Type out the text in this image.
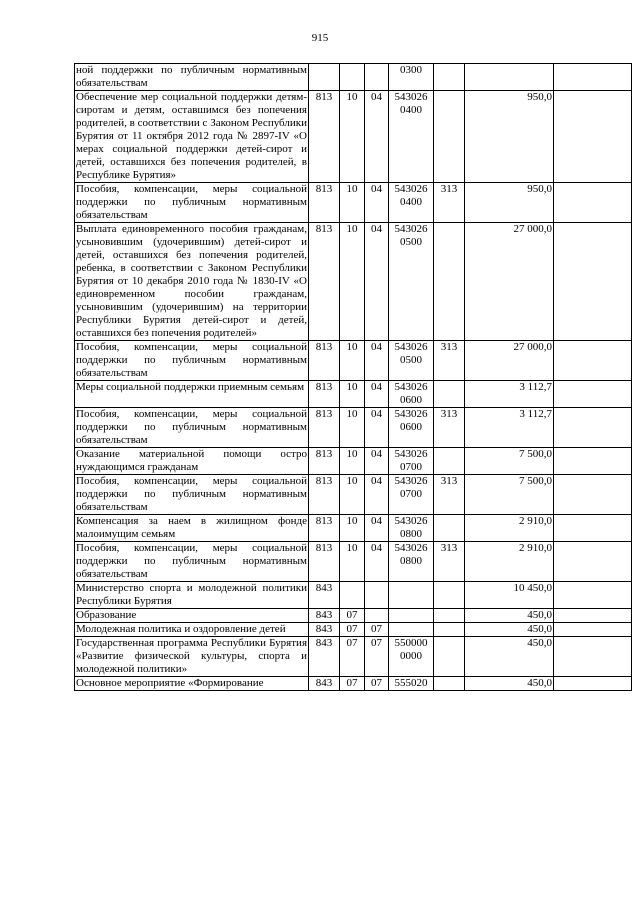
915
ной поддержки по публичным нормативным обязательствам				0300			
Обеспечение мер социальной поддержки детям-сиротам и детям, оставшимся без попечения родителей, в соответствии с Законом Республики Бурятия от 11 октября 2012 года № 2897-IV «О мерах социальной поддержки детей-сирот и детей, оставшихся без попечения родителей, в Республике Бурятия»	813	10	04	543026 0400		950,0	
Пособия, компенсации, меры социальной поддержки по публичным нормативным обязательствам	813	10	04	543026 0400	313	950,0	
Выплата единовременного пособия гражданам, усыновившим (удочерившим) детей-сирот и детей, оставшихся без попечения родителей, ребенка, в соответствии с Законом Республики Бурятия от 10 декабря 2010 года № 1830-IV «О единовременном пособии гражданам, усыновившим (удочерившим) на территории Республики Бурятия детей-сирот и детей, оставшихся без попечения родителей»	813	10	04	543026 0500		27 000,0	
Пособия, компенсации, меры социальной поддержки по публичным нормативным обязательствам	813	10	04	543026 0500	313	27 000,0	
Меры социальной поддержки приемным семьям	813	10	04	543026 0600		3 112,7	
Пособия, компенсации, меры социальной поддержки по публичным нормативным обязательствам	813	10	04	543026 0600	313	3 112,7	
Оказание материальной помощи остро нуждающимся гражданам	813	10	04	543026 0700		7 500,0	
Пособия, компенсации, меры социальной поддержки по публичным нормативным обязательствам	813	10	04	543026 0700	313	7 500,0	
Компенсация за наем в жилищном фонде малоимущим семьям	813	10	04	543026 0800		2 910,0	
Пособия, компенсации, меры социальной поддержки по публичным нормативным обязательствам	813	10	04	543026 0800	313	2 910,0	
Министерство спорта и молодежной политики Республики Бурятия	843					10 450,0	
Образование	843	07				450,0	
Молодежная политика и оздоровление детей	843	07	07			450,0	
Государственная программа Республики Бурятия «Развитие физической культуры, спорта и молодежной политики»	843	07	07	550000 0000		450,0	
Основное мероприятие «Формирование	843	07	07	555020		450,0	
